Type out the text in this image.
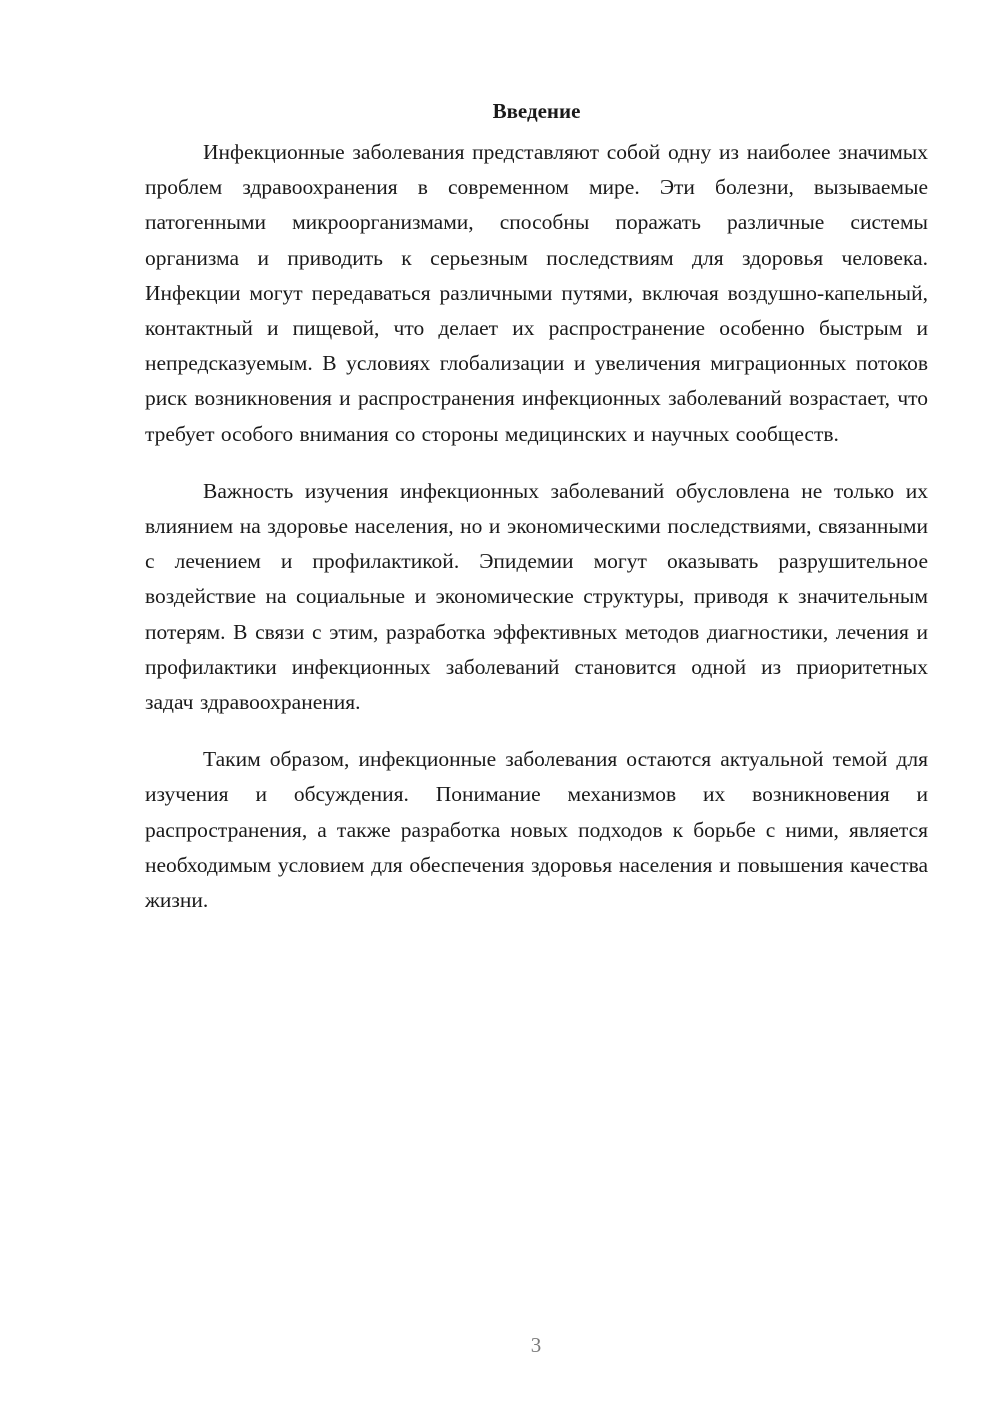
Введение

Инфекционные заболевания представляют собой одну из наиболее значимых проблем здравоохранения в современном мире. Эти болезни, вызываемые патогенными микроорганизмами, способны поражать различные системы организма и приводить к серьезным последствиям для здоровья человека. Инфекции могут передаваться различными путями, включая воздушно-капельный, контактный и пищевой, что делает их распространение особенно быстрым и непредсказуемым. В условиях глобализации и увеличения миграционных потоков риск возникновения и распространения инфекционных заболеваний возрастает, что требует особого внимания со стороны медицинских и научных сообществ.

Важность изучения инфекционных заболеваний обусловлена не только их влиянием на здоровье населения, но и экономическими последствиями, связанными с лечением и профилактикой. Эпидемии могут оказывать разрушительное воздействие на социальные и экономические структуры, приводя к значительным потерям. В связи с этим, разработка эффективных методов диагностики, лечения и профилактики инфекционных заболеваний становится одной из приоритетных задач здравоохранения.

Таким образом, инфекционные заболевания остаются актуальной темой для изучения и обсуждения. Понимание механизмов их возникновения и распространения, а также разработка новых подходов к борьбе с ними, является необходимым условием для обеспечения здоровья населения и повышения качества жизни.

3
